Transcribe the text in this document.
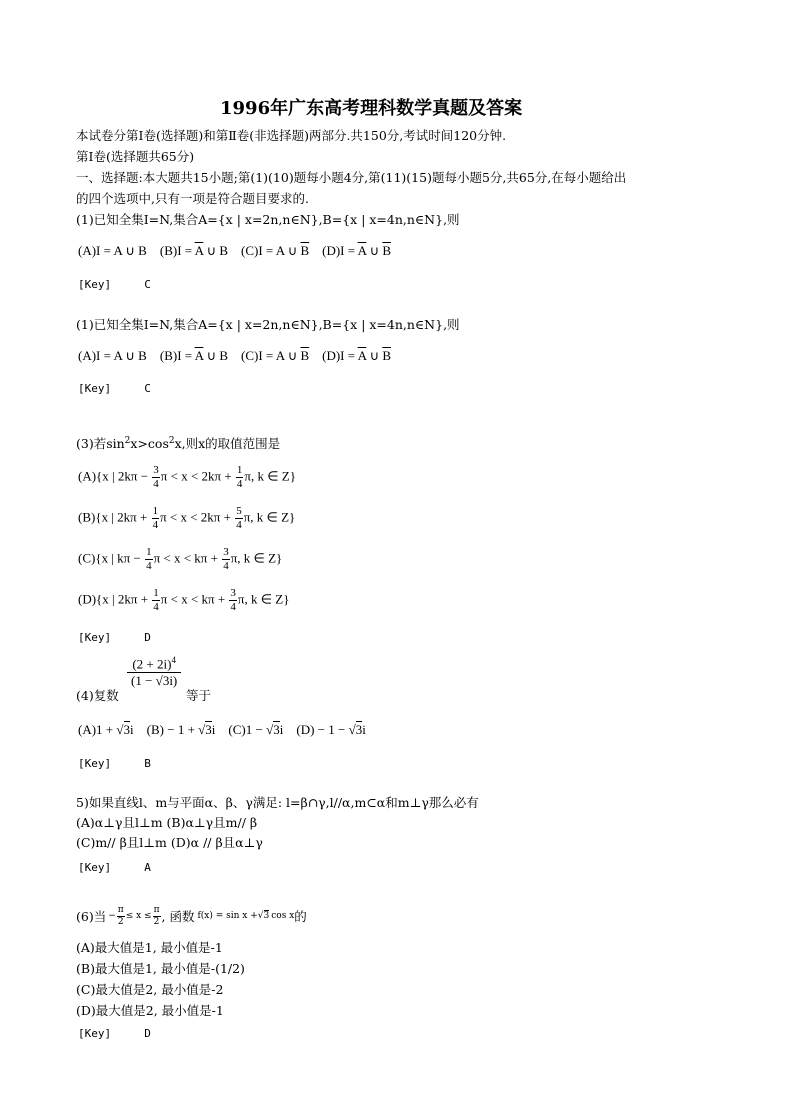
1996年广东高考理科数学真题及答案
本试卷分第Ⅰ卷(选择题)和第Ⅱ卷(非选择题)两部分.共150分,考试时间120分钟.
第Ⅰ卷(选择题共65分)
一、选择题:本大题共15小题;第(1)(10)题每小题4分,第(11)(15)题每小题5分,共65分,在每小题给出
的四个选项中,只有一项是符合题目要求的.
(1)已知全集I=N,集合A={x | x=2n,n∈N},B={x | x=4n,n∈N},则
(A)I = A ∪ B $(B)I = \overline{A}$ ∪ B (C)I = A ∪ $\overline{B}$ $(D)I = \overline{A}$ ∪ $\overline{B}$
[Key]	C
(1)已知全集I=N,集合A={x | x=2n,n∈N},B={x | x=4n,n∈N},则
(A)I = A ∪ B $(B)I = \overline{A}$ ∪ B (C)I = A ∪ $\overline{B}$ $(D)I = \overline{A}$ ∪ $\overline{B}$
[Key]	C
(3)若$\sin^2x>\cos^2x$,则x的取值范围是
(A){x | $2k\pi - \frac{3}{4}$ $\pi < x < 2k\pi + \frac{1}{4} \pi$, k ∈ Z}
(B){x | $2k\pi + \frac{1}{4}$ $\pi < x < 2k\pi + \frac{5}{4} \pi$, k ∈ Z}
(C){x | $k\pi - \frac{1}{4}$ $\pi < x < k\pi + \frac{3}{4} \pi$, k ∈ Z}
(D){x | $2k\pi + \frac{1}{4}$ $\pi < x < k\pi + \frac{3}{4} \pi$, k ∈ Z}
[Key]	D
$(2 + 2i)^4$
(1 − √3i)
(4)复数	等于
(A)1 + √3i (B) − 1 + √3i (C)1 − √3i (D) − 1 − √3i
[Key]	B
5)如果直线l、m与平面α、β、γ满足: l=β∩γ,l//α,m⊂α和m⊥γ那么必有
(A)α⊥γ且l⊥m (B)α⊥γ且m// β
(C)m// β且l⊥m (D)α // β且α⊥γ
[Key]	A
(6)当 − $\frac{\pi}{2} \le x \le \frac{\pi}{2}$ , 函数 f(x) = sin x + √3 cos x 的
(A)最大值是1, 最小值是-1
(B)最大值是1, 最小值是-(1/2)
(C)最大值是2, 最小值是-2
(D)最大值是2, 最小值是-1
[Key]	D
